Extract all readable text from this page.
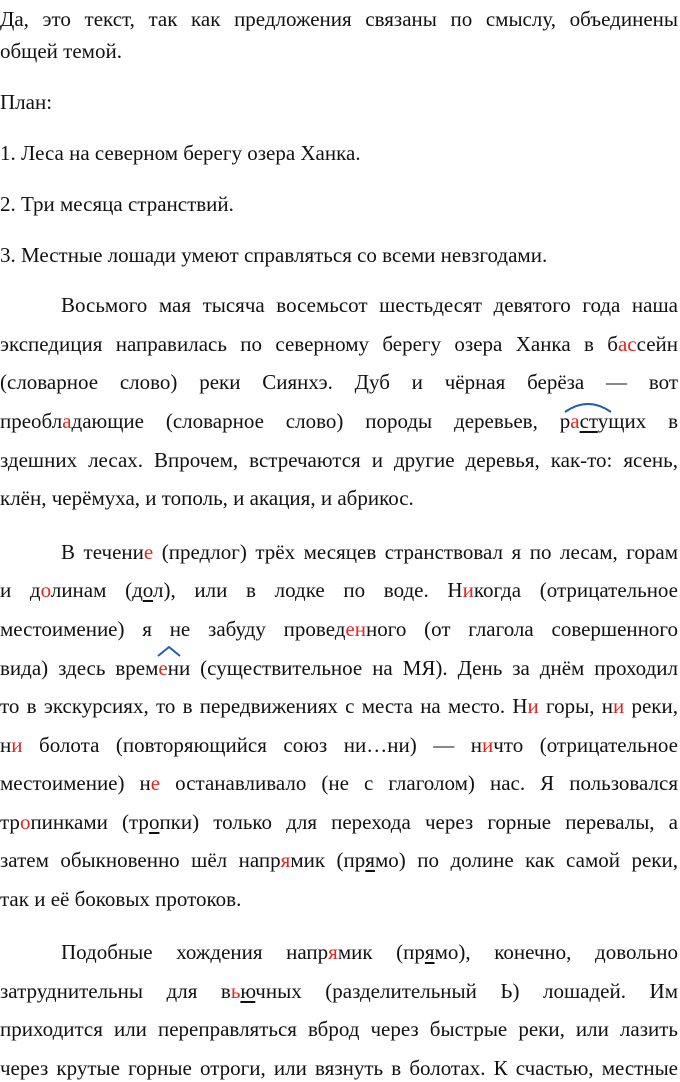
Да, это текст, так как предложения связаны по смыслу, объединены
общей темой.
План:
1. Леса на северном берегу озера Ханка.
2. Три месяца странствий.
3. Местные лошади умеют справляться со всеми невзгодами.
Восьмого мая тысяча восемьсот шестьдесят девятого года наша
экспедиция направилась по северному берегу озера Ханка в бассейн
(словарное слово) реки Сиянхэ. Дуб и чёрная берёза — вот
преобладающие (словарное слово) породы деревьев, растущих в
здешних лесах. Впрочем, встречаются и другие деревья, как-то: ясень,
клён, черёмуха, и тополь, и акация, и абрикос.
В течение (предлог) трёх месяцев странствовал я по лесам, горам
и долинам (дол), или в лодке по воде. Никогда (отрицательное
местоимение) я не забуду проведенного (от глагола совершенного
вида) здесь времени (существительное на МЯ). День за днём проходил
то в экскурсиях, то в передвижениях с места на место. Ни горы, ни реки,
ни болота (повторяющийся союз ни…ни) — ничто (отрицательное
местоимение) не останавливало (не с глаголом) нас. Я пользовался
тропинками (тропки) только для перехода через горные перевалы, а
затем обыкновенно шёл напрямик (прямо) по долине как самой реки,
так и её боковых протоков.
Подобные хождения напрямик (прямо), конечно, довольно
затруднительны для вьючных (разделительный Ь) лошадей. Им
приходится или переправляться вброд через быстрые реки, или лазить
через крутые горные отроги, или вязнуть в болотах. К счастью, местные
